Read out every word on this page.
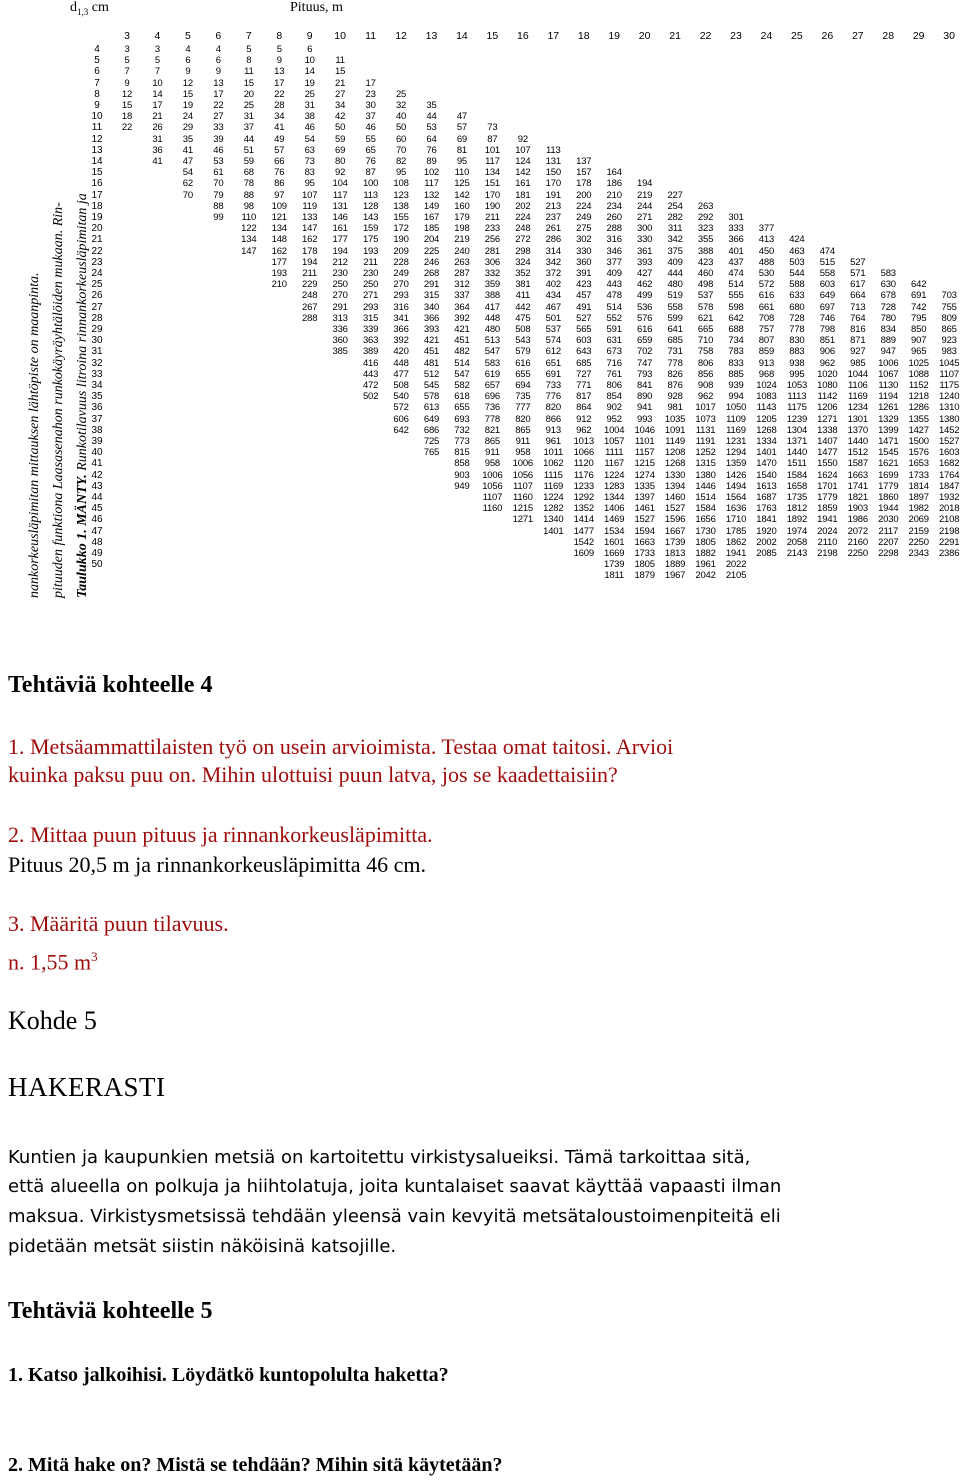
$d_{1,3}$ cm	Pituus, m
Taulukko 1. MÄNTY. Runkotilavuus litroina rinnankorkeusläpimitan ja
pituuden funktiona Laasasenahon runkokäyräyhtälöiden mukaan. Rin-
nankorkeusläpimitan mittauksen lähtöpiste on maanpinta.
4
5
6
7
8
9
10
11
12
13
14
15
16
17
18
19
20
21
22
23
24
25
26
27
28
29
30
31
32
33
34
35
36
37
38
39
40
41
42
43
44
45
46
47
48
49
50
3 4 5 6 7 8 9 10 11 12 13 14 15 16 17 18 19 20 21 22 23 24 25 26 27 28 29 30
3
5
7
9
12
15
18
22
3
5
7
10
14
17
21
26
31
36
41
4
6
9
12
15
19
24
29
35
41
47
54
62
70
4
6
9
13
17
22
27
33
39
46
53
61
70
79
88
99
5
8
11
15
20
25
31
37
44
51
59
68
78
88
98
110
122
134
147
5
9
13
17
22
28
34
41
49
57
66
76
86
97
109
121
134
148
162
177
193
210
6
10
14
19
25
31
38
46
54
63
73
83
95
107
119
133
147
162
178
194
211
229
248
267
288
11
15
21
27
34
42
50
59
69
80
92
104
117
131
146
161
177
194
212
230
250
270
291
313
336
360
385
17
23
30
37
46
55
65
76
87
100
113
128
143
159
175
193
211
230
250
271
293
315
339
363
389
416
443
472
502
25
32
40
50
60
70
82
95
108
123
138
155
172
190
209
228
249
270
293
316
341
366
392
420
448
477
508
540
572
606
642
35
44
53
64
76
89
102
117
132
149
167
185
204
225
246
268
291
315
340
366
393
421
451
481
512
545
578
613
649
686
725
765
47
57
69
81
95
110
125
142
160
179
198
219
240
263
287
312
337
364
392
421
451
482
514
547
582
618
655
693
732
773
815
858
903
949
73
87
101
117
134
151
170
190
211
233
256
281
306
332
359
388
417
448
480
513
547
583
619
657
696
736
778
821
865
911
958
1006
1056
1107
1160
92
107
124
142
161
181
202
224
248
272
298
324
352
381
411
442
475
508
543
579
616
655
694
735
777
820
865
911
958
1006
1056
1107
1160
1215
1271
113
131
150
170
191
213
237
261
286
314
342
372
402
434
467
501
537
574
612
651
691
733
776
820
866
913
961
1011
1062
1115
1169
1224
1282
1340
1401
137
157
178
200
224
249
275
302
330
360
391
423
457
491
527
565
603
643
685
727
771
817
864
912
962
1013
1066
1120
1176
1233
1292
1352
1414
1477
1542
1609
164
186
210
234
260
288
316
346
377
409
443
478
514
552
591
631
673
716
761
806
854
902
952
1004
1057
1111
1167
1224
1283
1344
1406
1469
1534
1601
1669
1739
1811
194
219
244
271
300
330
361
393
427
462
499
536
576
616
659
702
747
793
841
890
941
993
1046
1101
1157
1215
1274
1335
1397
1461
1527
1594
1663
1733
1805
1879
227
254
282
311
342
375
409
444
480
519
558
599
641
685
731
778
826
876
928
981
1035
1091
1149
1208
1268
1330
1394
1460
1527
1596
1667
1739
1813
1889
1967
263
292
323
355
388
423
460
498
537
578
621
665
710
758
806
856
908
962
1017
1073
1131
1191
1252
1315
1380
1446
1514
1584
1656
1730
1805
1882
1961
2042
301
333
366
401
437
474
514
555
598
642
688
734
783
833
885
939
994
1050
1109
1169
1231
1294
1359
1426
1494
1564
1636
1710
1785
1862
1941
2022
2105
377
413
450
488
530
572
616
661
708
757
807
859
913
968
1024
1083
1143
1205
1268
1334
1401
1470
1540
1613
1687
1763
1841
1920
2002
2085
424
463
503
544
588
633
680
728
778
830
883
938
995
1053
1113
1175
1239
1304
1371
1440
1511
1584
1658
1735
1812
1892
1974
2058
2143
474
515
558
603
649
697
746
798
851
906
962
1020
1080
1142
1206
1271
1338
1407
1477
1550
1624
1701
1779
1859
1941
2024
2110
2198
527
571
617
664
713
764
816
871
927
985
1044
1106
1169
1234
1301
1370
1440
1512
1587
1663
1741
1821
1903
1986
2072
2160
2250
583
630
678
728
780
834
889
947
1006
1067
1130
1194
1261
1329
1399
1471
1545
1621
1699
1779
1860
1944
2030
2117
2207
2298
642
691
742
795
850
907
965
1025
1088
1152
1218
1286
1355
1427
1500
1576
1653
1733
1814
1897
1982
2069
2159
2250
2343
703
755
809
865
923
983
1045
1107
1175
1240
1310
1380
1452
1527
1603
1682
1764
1847
1932
2018
2108
2198
2291
2386
Tehtäviä kohteelle 4
1. Metsäammattilaisten työ on usein arvioimista. Testaa omat taitosi. Arvioi
kuinka paksu puu on. Mihin ulottuisi puun latva, jos se kaadettaisiin?
2. Mittaa puun pituus ja rinnankorkeusläpimitta.
Pituus 20,5 m ja rinnankorkeusläpimitta 46 cm.
3. Määritä puun tilavuus.
n. 1,55 $m^3$
Kohde 5
HAKERASTI
Kuntien ja kaupunkien metsiä on kartoitettu virkistysalueiksi. Tämä tarkoittaa sitä,
että alueella on polkuja ja hiihtolatuja, joita kuntalaiset saavat käyttää vapaasti ilman
maksua. Virkistysmetsissä tehdään yleensä vain kevyitä metsätaloustoimenpiteitä eli
pidetään metsät siistin näköisinä katsojille.
Tehtäviä kohteelle 5
1. Katso jalkoihisi. Löydätkö kuntopolulta haketta?
2. Mitä hake on? Mistä se tehdään? Mihin sitä käytetään?
